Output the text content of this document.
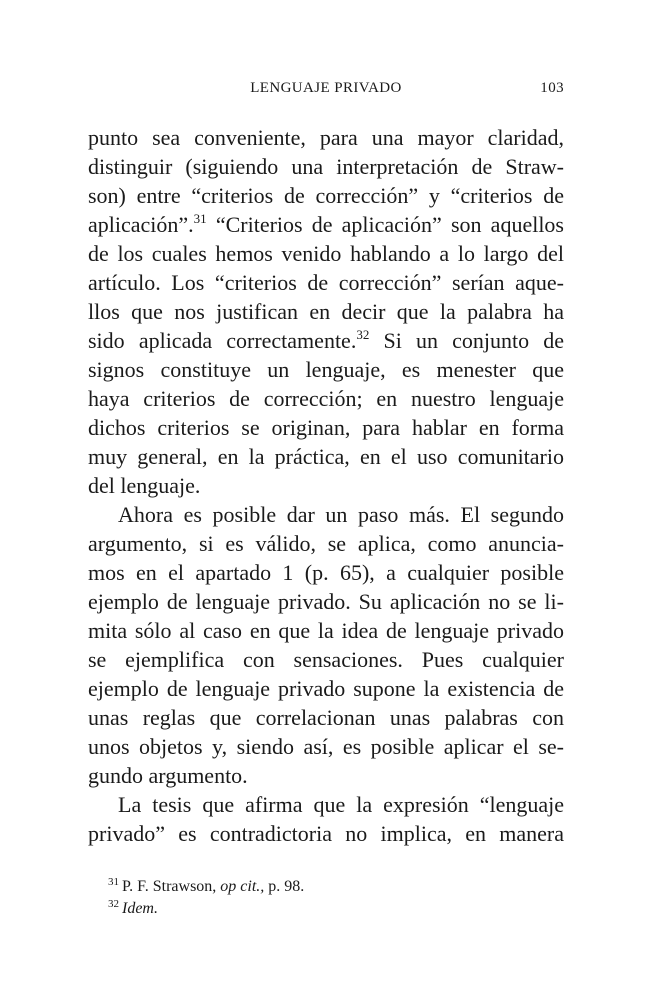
LENGUAJE PRIVADO	103
punto sea conveniente, para una mayor claridad,
distinguir (siguiendo una interpretación de Straw-
son) entre “criterios de corrección” y “criterios de
aplicación”.$^{31}$ “Criterios de aplicación” son aquellos
de los cuales hemos venido hablando a lo largo del
artículo. Los “criterios de corrección” serían aque-
llos que nos justifican en decir que la palabra ha
sido aplicada correctamente.$^{32}$ Si un conjunto de
signos constituye un lenguaje, es menester que
haya criterios de corrección; en nuestro lenguaje
dichos criterios se originan, para hablar en forma
muy general, en la práctica, en el uso comunitario
del lenguaje.
Ahora es posible dar un paso más. El segundo
argumento, si es válido, se aplica, como anuncia-
mos en el apartado 1 (p. 65), a cualquier posible
ejemplo de lenguaje privado. Su aplicación no se li-
mita sólo al caso en que la idea de lenguaje privado
se ejemplifica con sensaciones. Pues cualquier
ejemplo de lenguaje privado supone la existencia de
unas reglas que correlacionan unas palabras con
unos objetos y, siendo así, es posible aplicar el se-
gundo argumento.
La tesis que afirma que la expresión “lenguaje
privado” es contradictoria no implica, en manera
$^{31}$ P. F. Strawson, op cit., p. 98.
$^{32}$ Idem.
